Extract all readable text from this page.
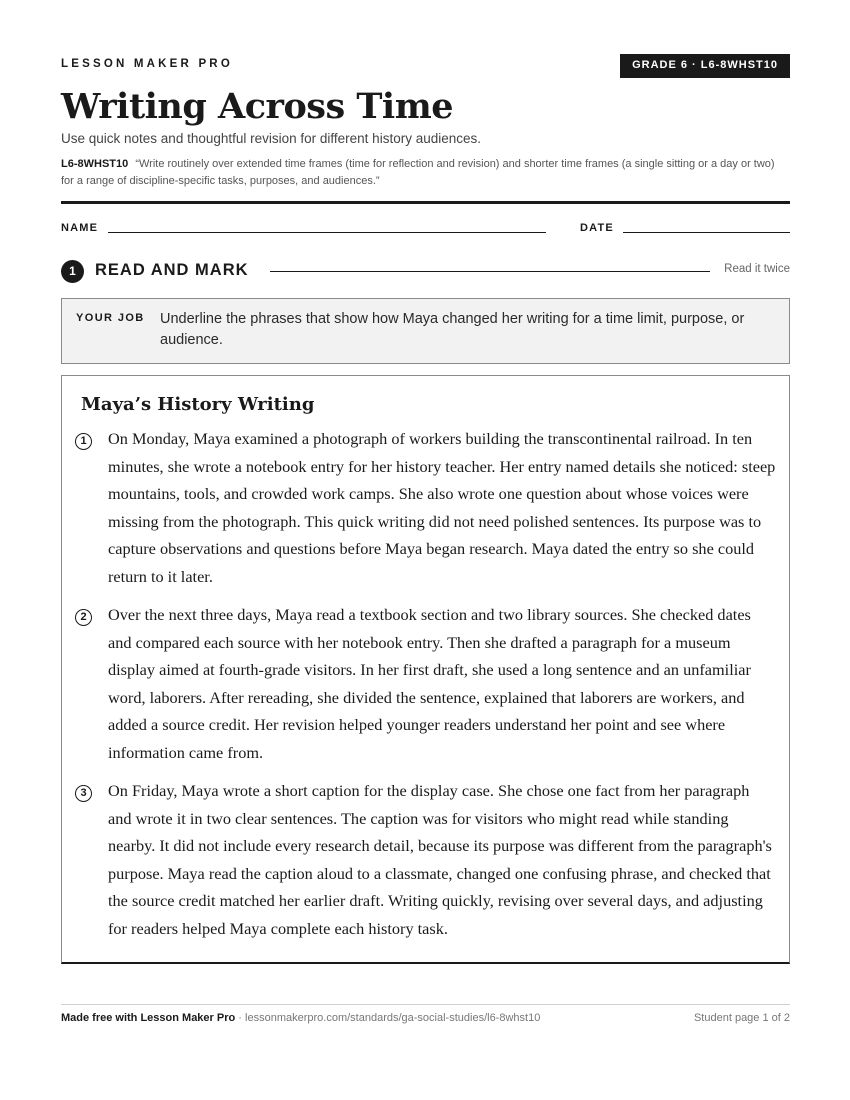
LESSON MAKER PRO	GRADE 6 · L6-8WHST10
Writing Across Time
Use quick notes and thoughtful revision for different history audiences.
L6-8WHST10 “Write routinely over extended time frames (time for reflection and revision) and shorter time frames (a single sitting or a day or two) for a range of discipline-specific tasks, purposes, and audiences.”
NAME	DATE
1	READ AND MARK	Read it twice
YOUR JOB Underline the phrases that show how Maya changed her writing for a time limit, purpose, or audience.
Maya’s History Writing
1	On Monday, Maya examined a photograph of workers building the transcontinental railroad. In ten minutes, she wrote a notebook entry for her history teacher. Her entry named details she noticed: steep mountains, tools, and crowded work camps. She also wrote one question about whose voices were missing from the photograph. This quick writing did not need polished sentences. Its purpose was to capture observations and questions before Maya began research. Maya dated the entry so she could return to it later.

2	Over the next three days, Maya read a textbook section and two library sources. She checked dates and compared each source with her notebook entry. Then she drafted a paragraph for a museum display aimed at fourth-grade visitors. In her first draft, she used a long sentence and an unfamiliar word, laborers. After rereading, she divided the sentence, explained that laborers are workers, and added a source credit. Her revision helped younger readers understand her point and see where information came from.

3	On Friday, Maya wrote a short caption for the display case. She chose one fact from her paragraph and wrote it in two clear sentences. The caption was for visitors who might read while standing nearby. It did not include every research detail, because its purpose was different from the paragraph's purpose. Maya read the caption aloud to a classmate, changed one confusing phrase, and checked that the source credit matched her earlier draft. Writing quickly, revising over several days, and adjusting for readers helped Maya complete each history task.

Made free with Lesson Maker Pro · lessonmakerpro.com/standards/ga-social-studies/l6-8whst10	Student page 1 of 2
